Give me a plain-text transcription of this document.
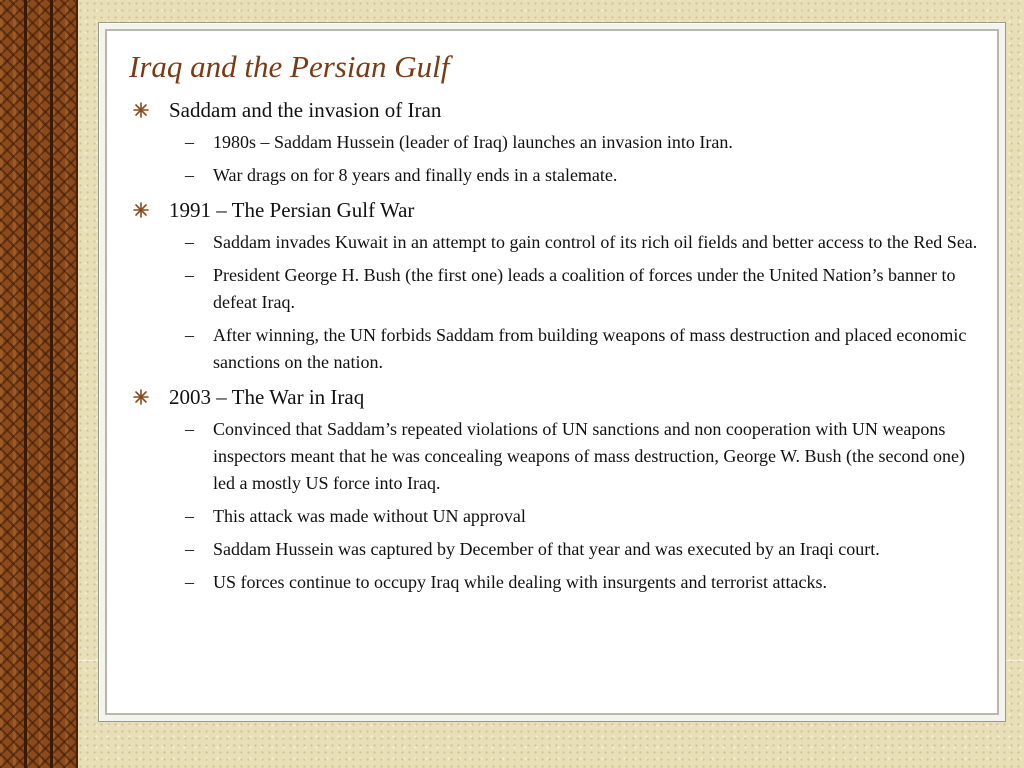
Iraq and the Persian Gulf
Saddam and the invasion of Iran
– 1980s – Saddam Hussein (leader of Iraq) launches an invasion into Iran.
– War drags on for 8 years and finally ends in a stalemate.
1991 – The Persian Gulf War
– Saddam invades Kuwait in an attempt to gain control of its rich oil fields and better access to the Red Sea.
– President George H. Bush (the first one) leads a coalition of forces under the United Nation’s banner to defeat Iraq.
– After winning, the UN forbids Saddam from building weapons of mass destruction and placed economic sanctions on the nation.
2003 – The War in Iraq
– Convinced that Saddam’s repeated violations of UN sanctions and non cooperation with UN weapons inspectors meant that he was concealing weapons of mass destruction, George W. Bush (the second one) led a mostly US force into Iraq.
– This attack was made without UN approval
– Saddam Hussein was captured by December of that year and was executed by an Iraqi court.
– US forces continue to occupy Iraq while dealing with insurgents and terrorist attacks.
